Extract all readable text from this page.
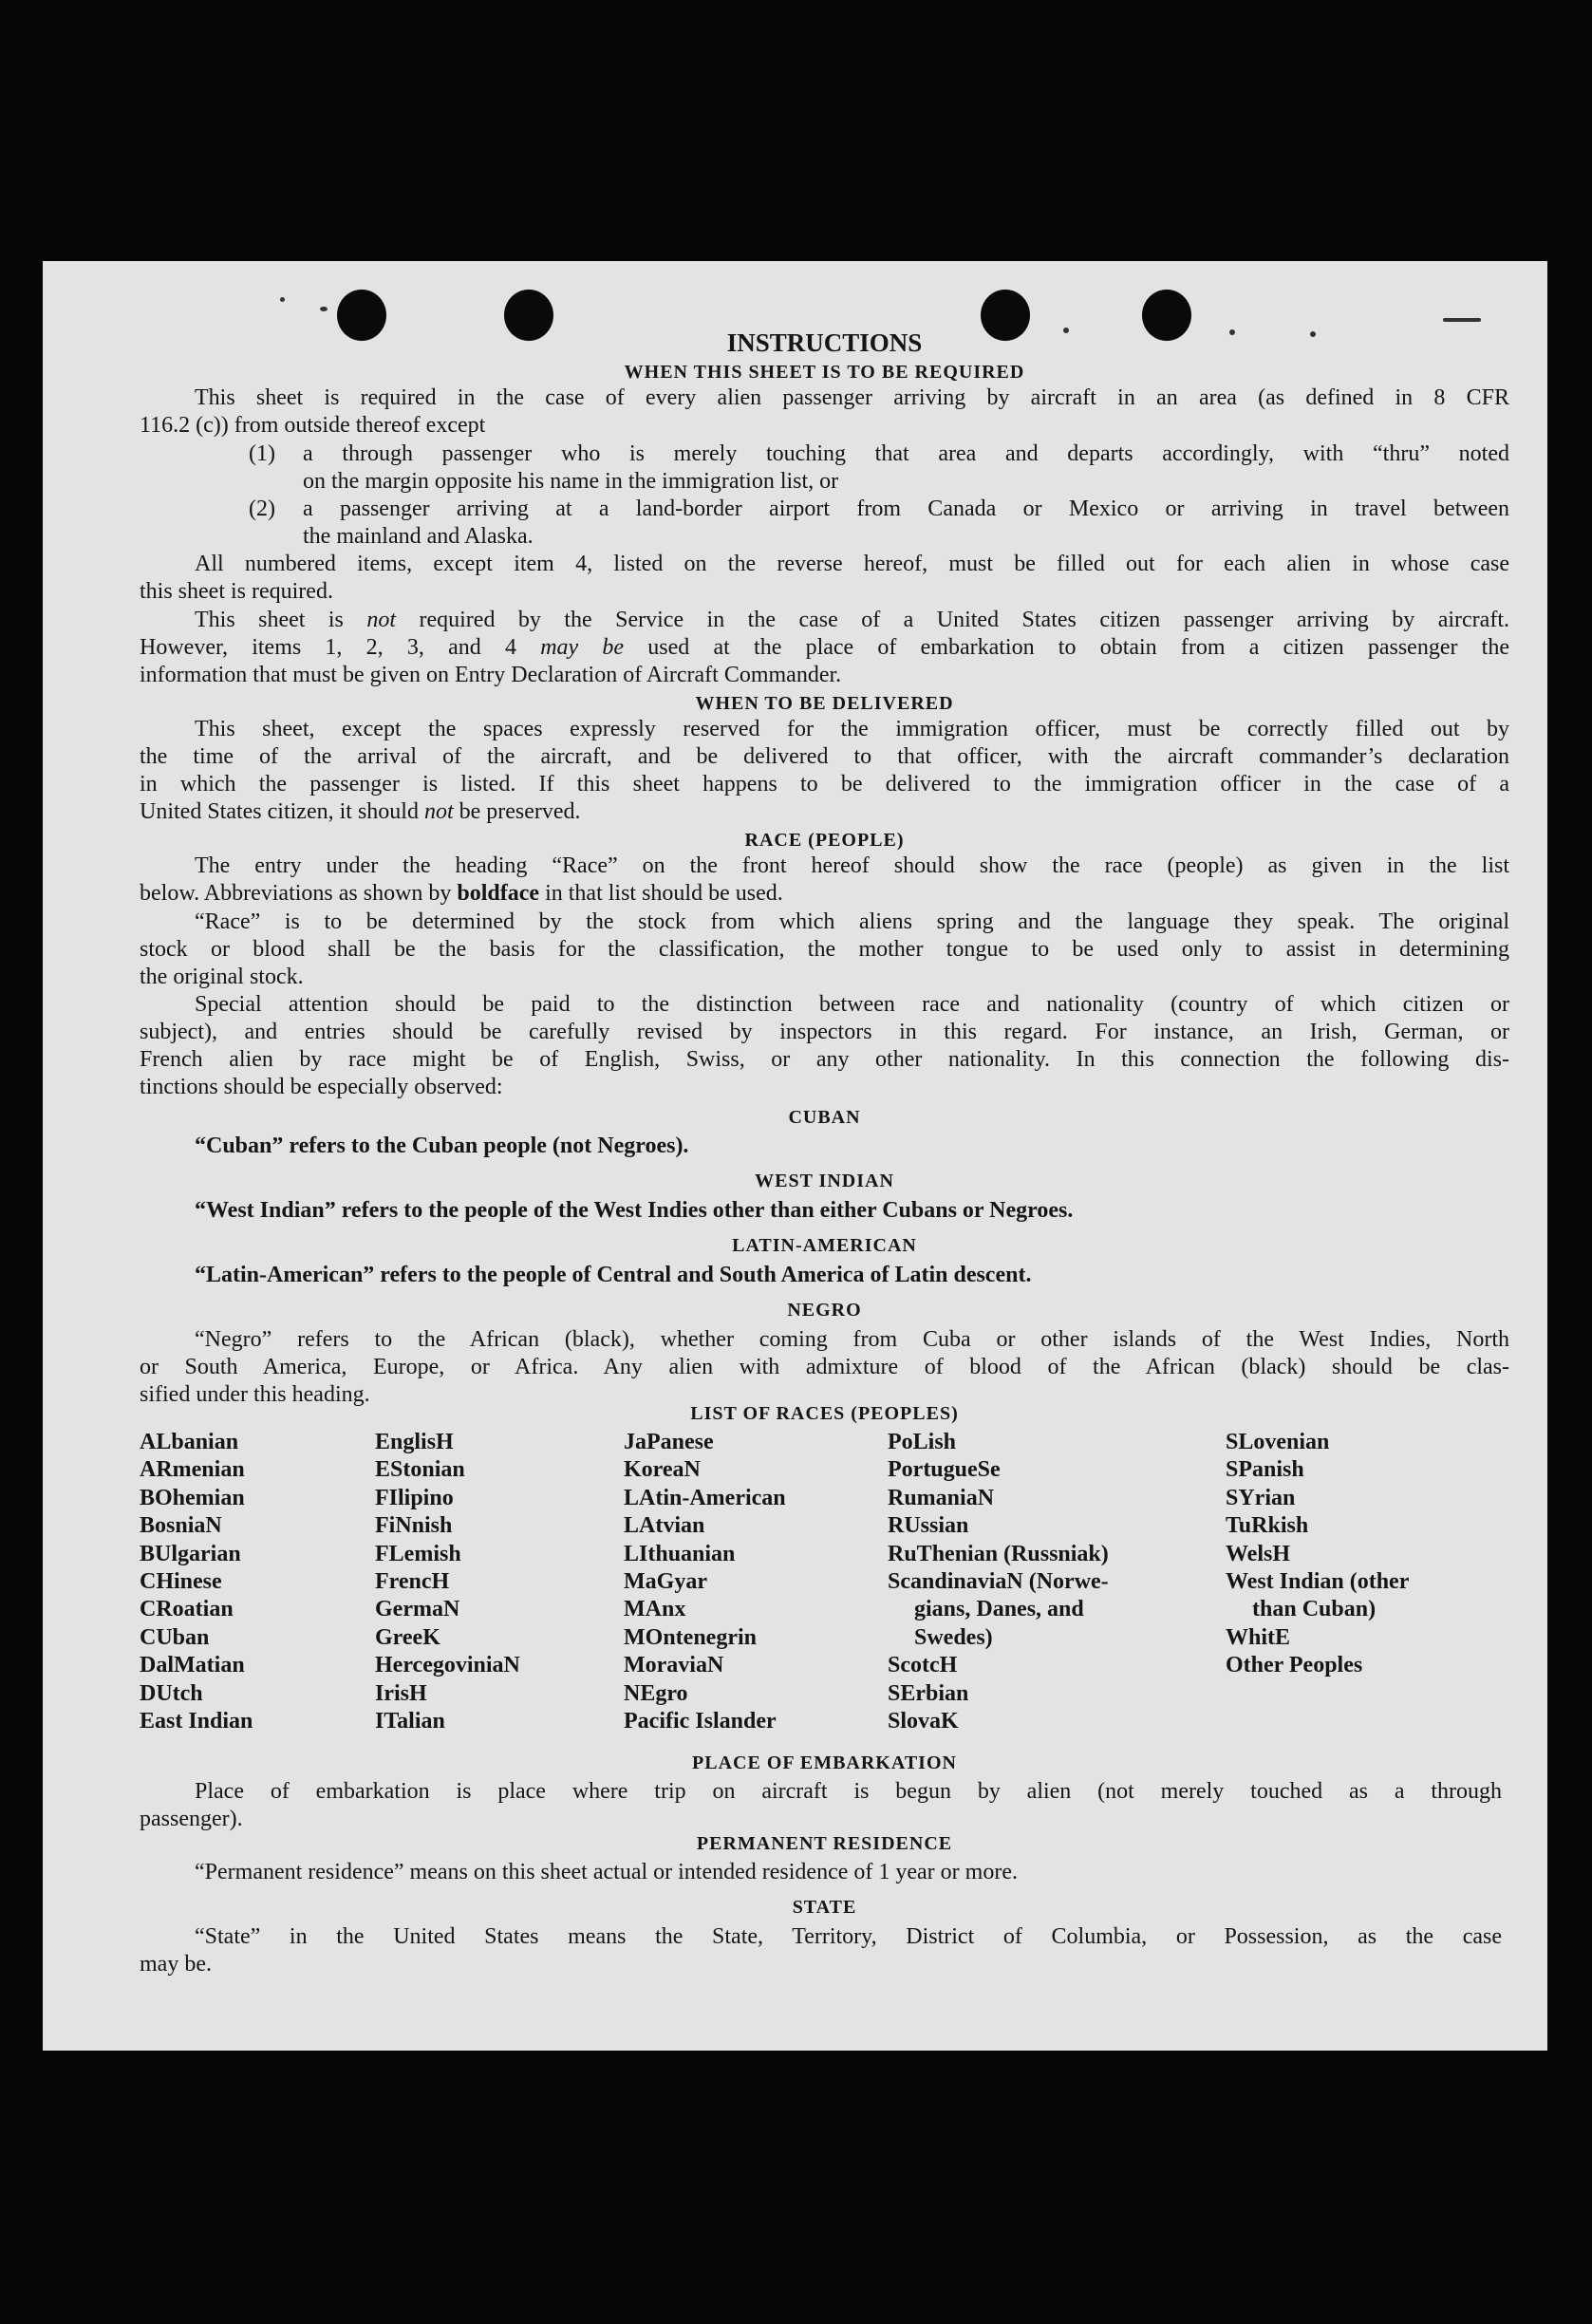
INSTRUCTIONS
WHEN THIS SHEET IS TO BE REQUIRED
This sheet is required in the case of every alien passenger arriving by aircraft in an area (as defined in 8 CFR
116.2 (c)) from outside thereof except
(1) a through passenger who is merely touching that area and departs accordingly, with “thru” noted
on the margin opposite his name in the immigration list, or
(2) a passenger arriving at a land-border airport from Canada or Mexico or arriving in travel between
the mainland and Alaska.
All numbered items, except item 4, listed on the reverse hereof, must be filled out for each alien in whose case
this sheet is required.
This sheet is not required by the Service in the case of a United States citizen passenger arriving by aircraft.
However, items 1, 2, 3, and 4 may be used at the place of embarkation to obtain from a citizen passenger the
information that must be given on Entry Declaration of Aircraft Commander.
WHEN TO BE DELIVERED
This sheet, except the spaces expressly reserved for the immigration officer, must be correctly filled out by
the time of the arrival of the aircraft, and be delivered to that officer, with the aircraft commander’s declaration
in which the passenger is listed. If this sheet happens to be delivered to the immigration officer in the case of a
United States citizen, it should not be preserved.
RACE (PEOPLE)
The entry under the heading “Race” on the front hereof should show the race (people) as given in the list
below. Abbreviations as shown by boldface in that list should be used.
“Race” is to be determined by the stock from which aliens spring and the language they speak. The original
stock or blood shall be the basis for the classification, the mother tongue to be used only to assist in determining
the original stock.
Special attention should be paid to the distinction between race and nationality (country of which citizen or
subject), and entries should be carefully revised by inspectors in this regard. For instance, an Irish, German, or
French alien by race might be of English, Swiss, or any other nationality. In this connection the following dis-
tinctions should be especially observed:
CUBAN
“Cuban” refers to the Cuban people (not Negroes).
WEST INDIAN
“West Indian” refers to the people of the West Indies other than either Cubans or Negroes.
LATIN-AMERICAN
“Latin-American” refers to the people of Central and South America of Latin descent.
NEGRO
“Negro” refers to the African (black), whether coming from Cuba or other islands of the West Indies, North
or South America, Europe, or Africa. Any alien with admixture of blood of the African (black) should be clas-
sified under this heading.
LIST OF RACES (PEOPLES)
ALbanian
ARmenian
BOhemian
BosniaN
BUlgarian
CHinese
CRoatian
CUban
DalMatian
DUtch
East Indian
EnglisH
EStonian
FIlipino
FiNnish
FLemish
FrencH
GermaN
GreeK
HercegoviniaN
IrisH
ITalian
JaPanese
KoreaN
LAtin-American
LAtvian
LIthuanian
MaGyar
MAnx
MOntenegrin
MoraviaN
NEgro
Pacific Islander
PoLish
PortugueSe
RumaniaN
RUssian
RuThenian (Russniak)
ScandinaviaN (Norwe-
gians, Danes, and
Swedes)
ScotcH
SErbian
SlovaK
SLovenian
SPanish
SYrian
TuRkish
WelsH
West Indian (other
than Cuban)
WhitE
Other Peoples
PLACE OF EMBARKATION
Place of embarkation is place where trip on aircraft is begun by alien (not merely touched as a through
passenger).
PERMANENT RESIDENCE
“Permanent residence” means on this sheet actual or intended residence of 1 year or more.
STATE
“State” in the United States means the State, Territory, District of Columbia, or Possession, as the case
may be.
